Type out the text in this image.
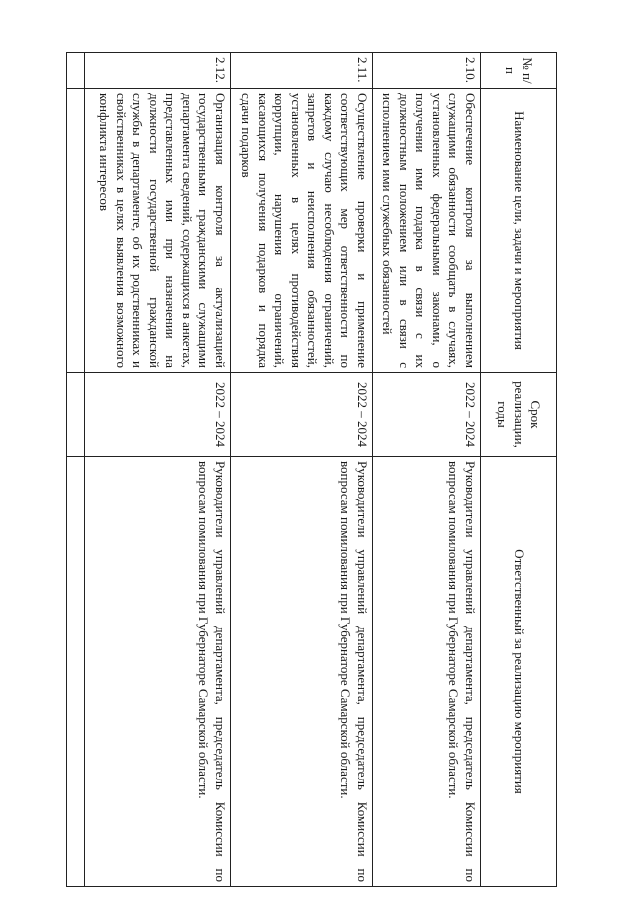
№ п/п	Наименование цели, задачи и мероприятия	Срок реализации, годы	Ответственный за реализацию мероприятия
2.10.	Обеспечение контроля за выполнением служащими обязанности сообщать в случаях, установленных федеральными законами, о получении ими подарка в связи с их должностным положением или в связи с исполнением ими служебных обязанностей	2022 – 2024	Руководители управлений департамента, председатель Комиссии по вопросам помилования при Губернаторе Самарской области.
2.11.	Осуществление проверки и применение соответствующих мер ответственности по каждому случаю несоблюдения ограничений, запретов и неисполнения обязанностей, установленных в целях противодействия коррупции, нарушения ограничений, касающихся получения подарков и порядка сдачи подарков	2022 – 2024	Руководители управлений департамента, председатель Комиссии по вопросам помилования при Губернаторе Самарской области.
2.12.	Организация контроля за актуализацией государственными гражданскими служащими департамента сведений, содержащихся в анкетах, представленных ими при назначении на должности государственной гражданской службы в департаменте, об их родственниках и свойственниках в целях выявления возможного конфликта интересов	2022 – 2024	Руководители управлений департамента, председатель Комиссии по вопросам помилования при Губернаторе Самарской области.
